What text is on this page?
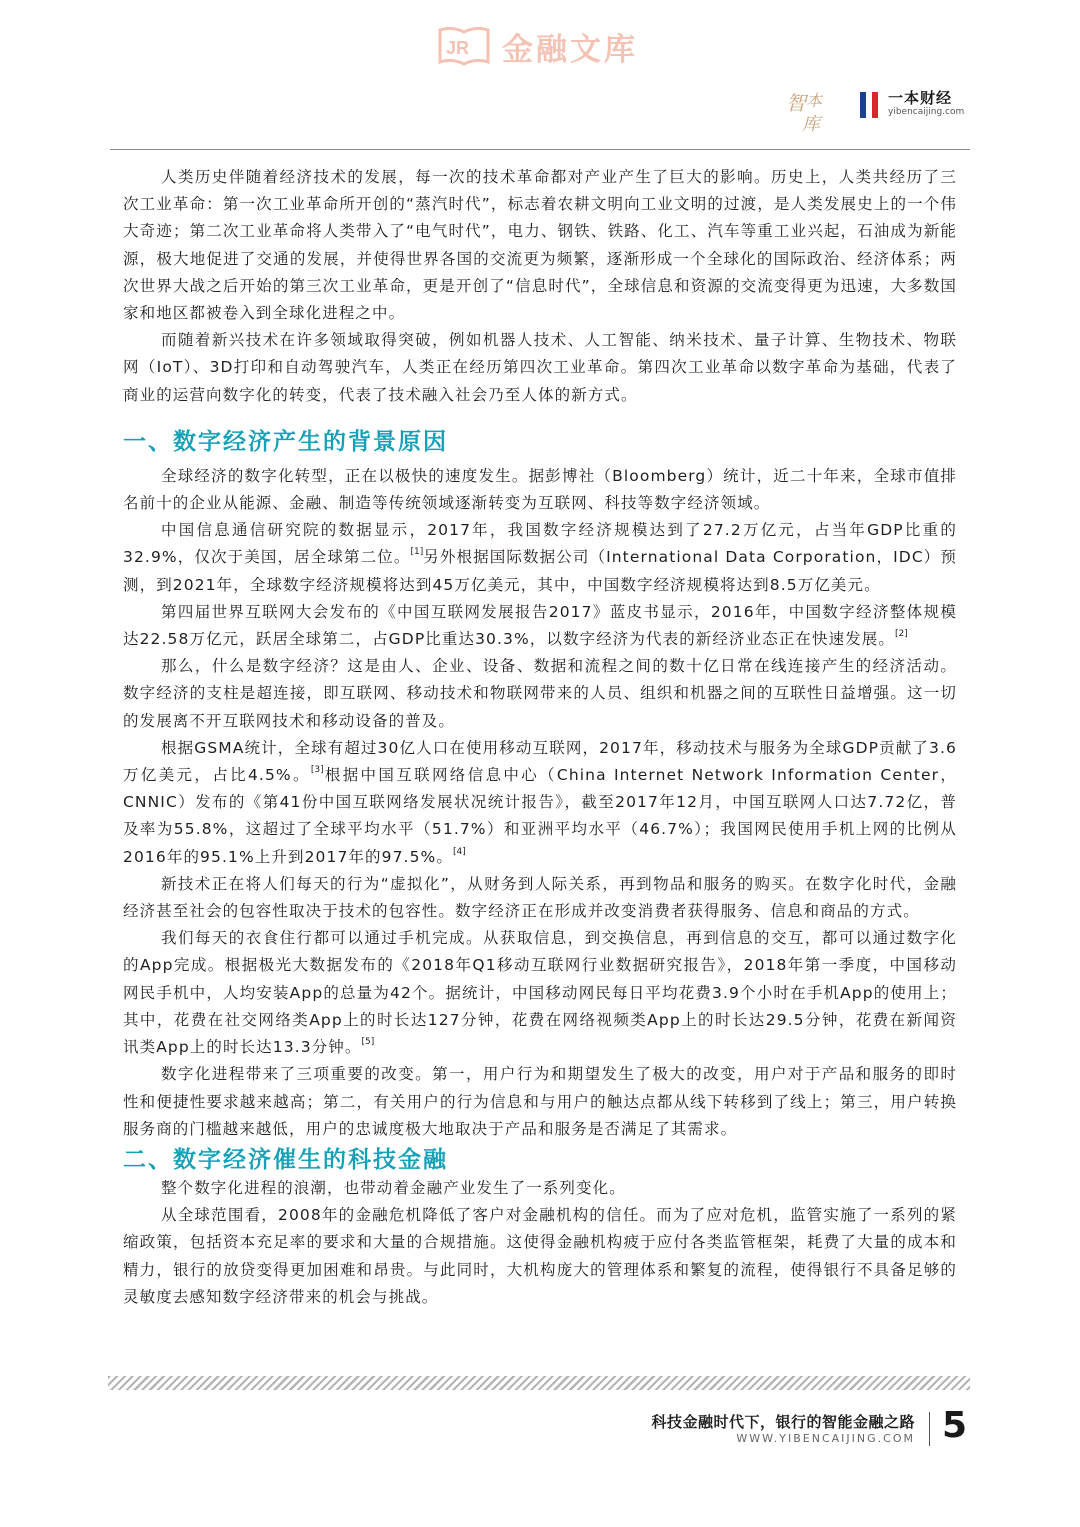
JR 金融文库
智 本
库
一本财经
yibencaijing.com

人类历史伴随着经济技术的发展，每一次的技术革命都对产业产生了巨大的影响。历史上，人类共经历了三次工业革命：第一次工业革命所开创的“蒸汽时代”，标志着农耕文明向工业文明的过渡，是人类发展史上的一个伟大奇迹；第二次工业革命将人类带入了“电气时代”，电力、钢铁、铁路、化工、汽车等重工业兴起，石油成为新能源，极大地促进了交通的发展，并使得世界各国的交流更为频繁，逐渐形成一个全球化的国际政治、经济体系；两次世界大战之后开始的第三次工业革命，更是开创了“信息时代”，全球信息和资源的交流变得更为迅速，大多数国家和地区都被卷入到全球化进程之中。

而随着新兴技术在许多领域取得突破，例如机器人技术、人工智能、纳米技术、量子计算、生物技术、物联网（IoT）、3D打印和自动驾驶汽车，人类正在经历第四次工业革命。第四次工业革命以数字革命为基础，代表了商业的运营向数字化的转变，代表了技术融入社会乃至人体的新方式。

一、数字经济产生的背景原因

全球经济的数字化转型，正在以极快的速度发生。据彭博社（Bloomberg）统计，近二十年来，全球市值排名前十的企业从能源、金融、制造等传统领域逐渐转变为互联网、科技等数字经济领域。

中国信息通信研究院的数据显示，2017年，我国数字经济规模达到了27.2万亿元，占当年GDP比重的32.9%，仅次于美国，居全球第二位。[1]另外根据国际数据公司（International Data Corporation，IDC）预测，到2021年，全球数字经济规模将达到45万亿美元，其中，中国数字经济规模将达到8.5万亿美元。

第四届世界互联网大会发布的《中国互联网发展报告2017》蓝皮书显示，2016年，中国数字经济整体规模达22.58万亿元，跃居全球第二，占GDP比重达30.3%，以数字经济为代表的新经济业态正在快速发展。[2]

那么，什么是数字经济？这是由人、企业、设备、数据和流程之间的数十亿日常在线连接产生的经济活动。数字经济的支柱是超连接，即互联网、移动技术和物联网带来的人员、组织和机器之间的互联性日益增强。这一切的发展离不开互联网技术和移动设备的普及。

根据GSMA统计，全球有超过30亿人口在使用移动互联网，2017年，移动技术与服务为全球GDP贡献了3.6万亿美元，占比4.5%。[3]根据中国互联网络信息中心（China Internet Network Information Center，CNNIC）发布的《第41份中国互联网络发展状况统计报告》，截至2017年12月，中国互联网人口达7.72亿，普及率为55.8%，这超过了全球平均水平（51.7%）和亚洲平均水平（46.7%）；我国网民使用手机上网的比例从2016年的95.1%上升到2017年的97.5%。[4]

新技术正在将人们每天的行为“虚拟化”，从财务到人际关系，再到物品和服务的购买。在数字化时代，金融经济甚至社会的包容性取决于技术的包容性。数字经济正在形成并改变消费者获得服务、信息和商品的方式。

我们每天的衣食住行都可以通过手机完成。从获取信息，到交换信息，再到信息的交互，都可以通过数字化的App完成。根据极光大数据发布的《2018年Q1移动互联网行业数据研究报告》，2018年第一季度，中国移动网民手机中，人均安装App的总量为42个。据统计，中国移动网民每日平均花费3.9个小时在手机App的使用上；其中，花费在社交网络类App上的时长达127分钟，花费在网络视频类App上的时长达29.5分钟，花费在新闻资讯类App上的时长达13.3分钟。[5]

数字化进程带来了三项重要的改变。第一，用户行为和期望发生了极大的改变，用户对于产品和服务的即时性和便捷性要求越来越高；第二，有关用户的行为信息和与用户的触达点都从线下转移到了线上；第三，用户转换服务商的门槛越来越低，用户的忠诚度极大地取决于产品和服务是否满足了其需求。

二、数字经济催生的科技金融

整个数字化进程的浪潮，也带动着金融产业发生了一系列变化。

从全球范围看，2008年的金融危机降低了客户对金融机构的信任。而为了应对危机，监管实施了一系列的紧缩政策，包括资本充足率的要求和大量的合规措施。这使得金融机构疲于应付各类监管框架，耗费了大量的成本和精力，银行的放贷变得更加困难和昂贵。与此同时，大机构庞大的管理体系和繁复的流程，使得银行不具备足够的灵敏度去感知数字经济带来的机会与挑战。

科技金融时代下，银行的智能金融之路
WWW.YIBENCAIJING.COM 5
